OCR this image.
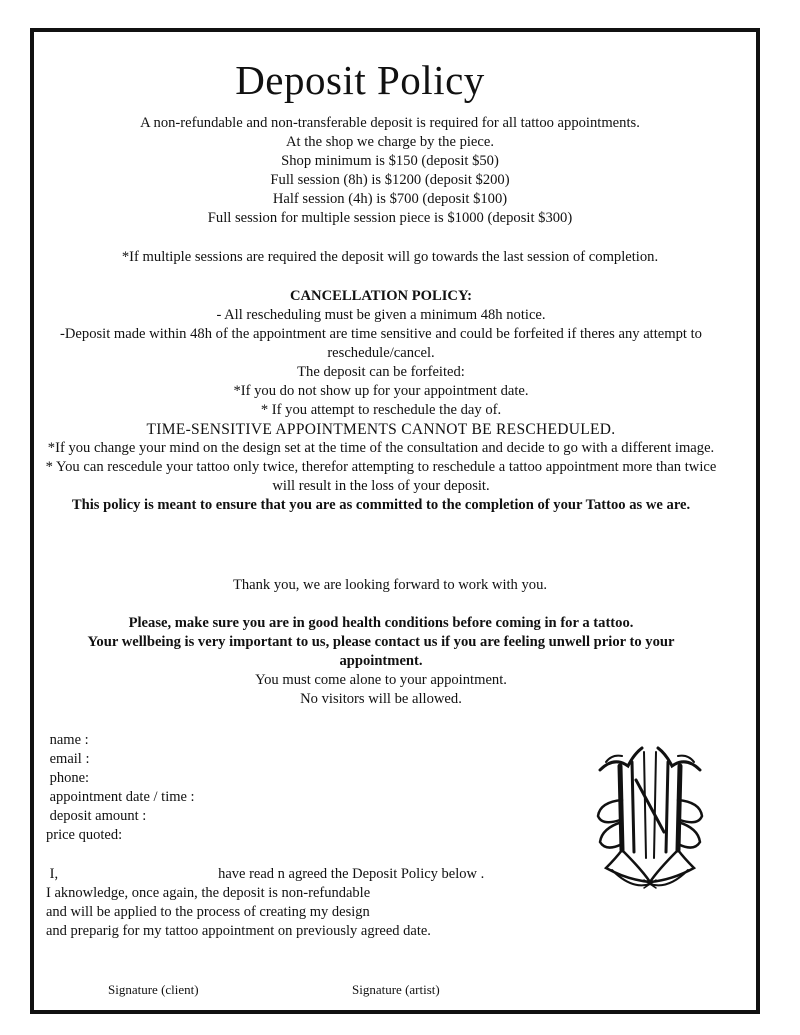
Deposit Policy

A non-refundable and non-transferable deposit is required for all tattoo appointments.

At the shop we charge by the piece.

Shop minimum is $150 (deposit $50)

Full session (8h) is $1200 (deposit $200)

Half session (4h) is $700 (deposit $100)

Full session for multiple session piece is $1000 (deposit $300)

*If multiple sessions are required the deposit will go towards the last session of completion.

CANCELLATION POLICY:

- All rescheduling must be given a minimum 48h notice.

-Deposit made within 48h of the appointment are time sensitive and could be forfeited if theres any attempt to reschedule/cancel.

The deposit can be forfeited:

*If you do not show up for your appointment date.

* If you attempt to reschedule the day of.

TIME-SENSITIVE APPOINTMENTS CANNOT BE RESCHEDULED.

*If you change your mind on the design set at the time of the consultation and decide to go with a different image.

* You can rescedule your tattoo only twice, therefor attempting to reschedule a tattoo appointment more than twice will result in the loss of your deposit.

This policy is meant to ensure that you are as committed to the completion of your Tattoo as we are.

Thank you, we are looking forward to work with you.

Please, make sure you are in good health conditions before coming in for a tattoo.

Your wellbeing is very important to us, please contact us if you are feeling unwell prior to your appointment.

You must come alone to your appointment.

No visitors will be allowed.

name :

email :

phone:

appointment date / time :

deposit amount :

price quoted:

I,	have read n agreed the Deposit Policy below .

I aknowledge, once again, the deposit is non-refundable

and will be applied to the process of creating my design

and preparig for my tattoo appointment on previously agreed date.

Signature (client)	Signature (artist)
